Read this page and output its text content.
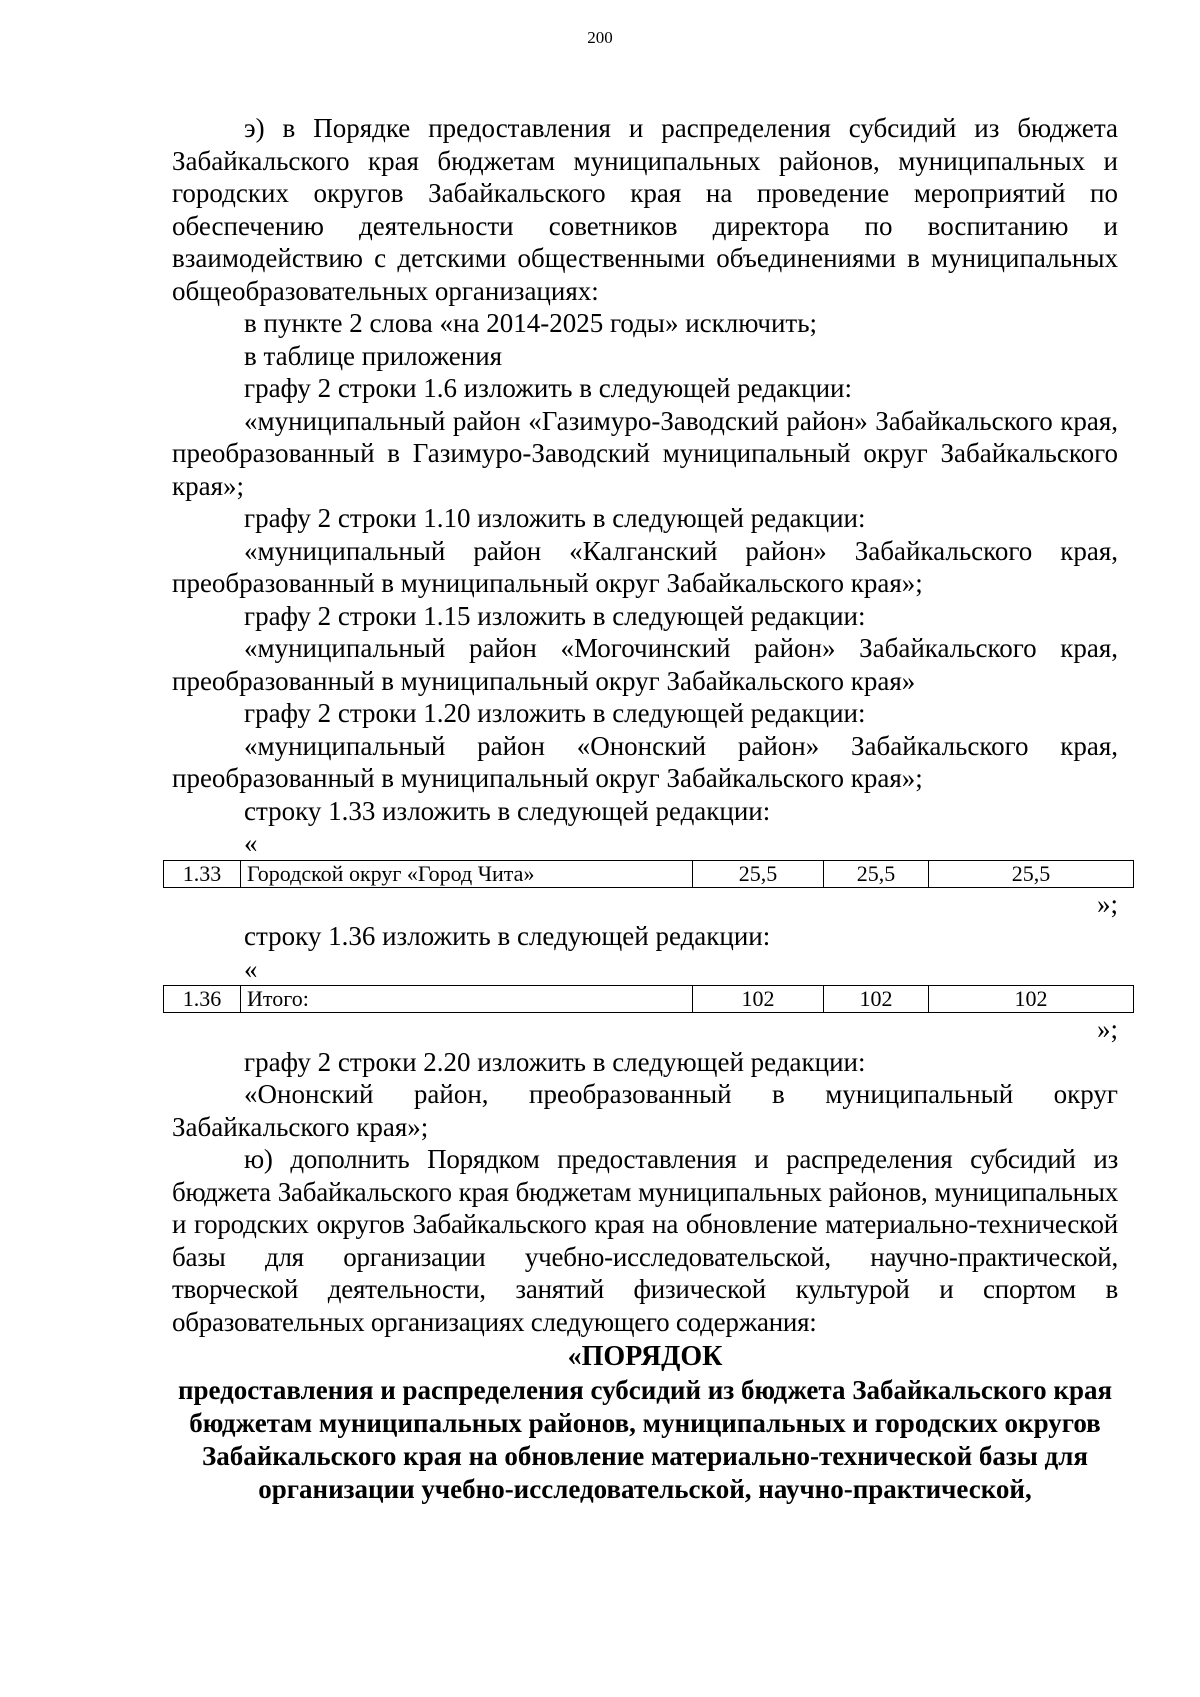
200

э) в Порядке предоставления и распределения субсидий из бюджета Забайкальского края бюджетам муниципальных районов, муниципальных и городских округов Забайкальского края на проведение мероприятий по обеспечению деятельности советников директора по воспитанию и взаимодействию с детскими общественными объединениями в муниципальных общеобразовательных организациях:

в пункте 2 слова «на 2014-2025 годы» исключить;

в таблице приложения

графу 2 строки 1.6 изложить в следующей редакции:

«муниципальный район «Газимуро-Заводский район» Забайкальского края, преобразованный в Газимуро-Заводский муниципальный округ Забайкальского края»;

графу 2 строки 1.10 изложить в следующей редакции:

«муниципальный район «Калганский район» Забайкальского края, преобразованный в муниципальный округ Забайкальского края»;

графу 2 строки 1.15 изложить в следующей редакции:

«муниципальный район «Могочинский район» Забайкальского края, преобразованный в муниципальный округ Забайкальского края»

графу 2 строки 1.20 изложить в следующей редакции:

«муниципальный район «Ононский район» Забайкальского края, преобразованный в муниципальный округ Забайкальского края»;

строку 1.33 изложить в следующей редакции:

«
1.33	Городской округ «Город Чита»	25,5	25,5	25,5
»;

строку 1.36 изложить в следующей редакции:

«
1.36	Итого:	102	102	102
»;

графу 2 строки 2.20 изложить в следующей редакции:

«Ононский район, преобразованный в муниципальный округ Забайкальского края»;

ю) дополнить Порядком предоставления и распределения субсидий из бюджета Забайкальского края бюджетам муниципальных районов, муниципальных и городских округов Забайкальского края на обновление материально-технической базы для организации учебно-исследовательской, научно-практической, творческой деятельности, занятий физической культурой и спортом в образовательных организациях следующего содержания:

«ПОРЯДОК
предоставления и распределения субсидий из бюджета Забайкальского края бюджетам муниципальных районов, муниципальных и городских округов Забайкальского края на обновление материально-технической базы для организации учебно-исследовательской, научно-практической,
